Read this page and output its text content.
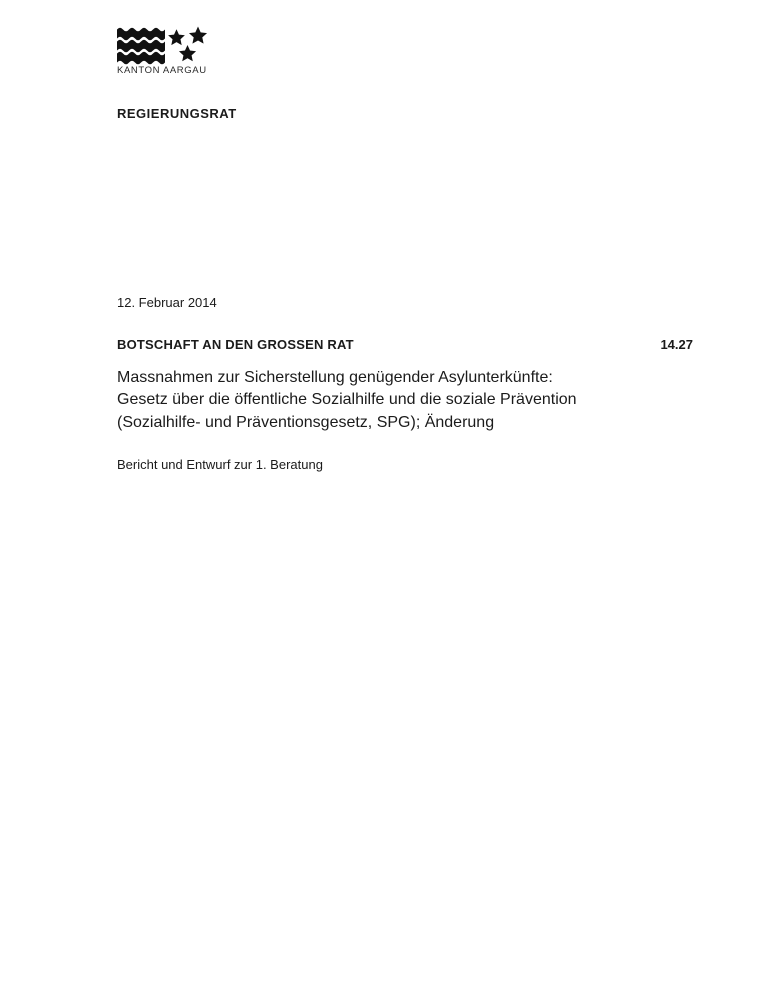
KANTON AARGAU
REGIERUNGSRAT
12. Februar 2014
BOTSCHAFT AN DEN GROSSEN RAT	14.27
Massnahmen zur Sicherstellung genügender Asylunterkünfte:
Gesetz über die öffentliche Sozialhilfe und die soziale Prävention
(Sozialhilfe- und Präventionsgesetz, SPG); Änderung
Bericht und Entwurf zur 1. Beratung
